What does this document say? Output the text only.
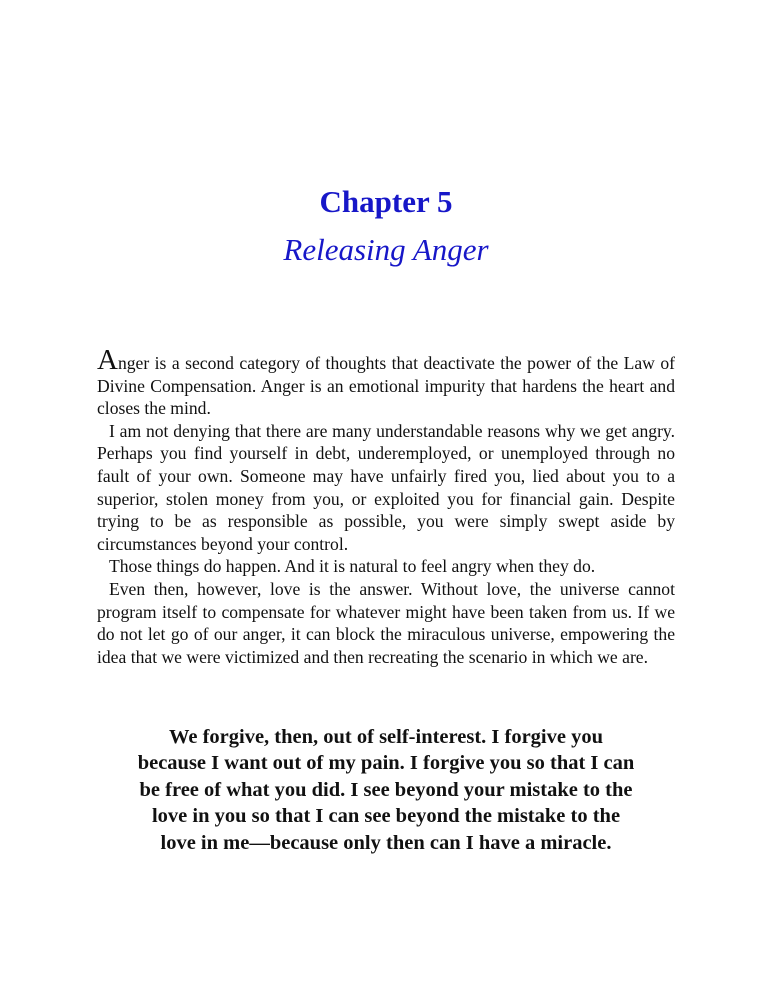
Chapter 5
Releasing Anger

Anger is a second category of thoughts that deactivate the power of the Law of Divine Compensation. Anger is an emotional impurity that hardens the heart and closes the mind.

I am not denying that there are many understandable reasons why we get angry. Perhaps you find yourself in debt, underemployed, or unemployed through no fault of your own. Someone may have unfairly fired you, lied about you to a superior, stolen money from you, or exploited you for financial gain. Despite trying to be as responsible as possible, you were simply swept aside by circumstances beyond your control.

Those things do happen. And it is natural to feel angry when they do.

Even then, however, love is the answer. Without love, the universe cannot program itself to compensate for whatever might have been taken from us. If we do not let go of our anger, it can block the miraculous universe, empowering the idea that we were victimized and then recreating the scenario in which we are.

We forgive, then, out of self-interest. I forgive you
because I want out of my pain. I forgive you so that I can
be free of what you did. I see beyond your mistake to the
love in you so that I can see beyond the mistake to the
love in me—because only then can I have a miracle.
